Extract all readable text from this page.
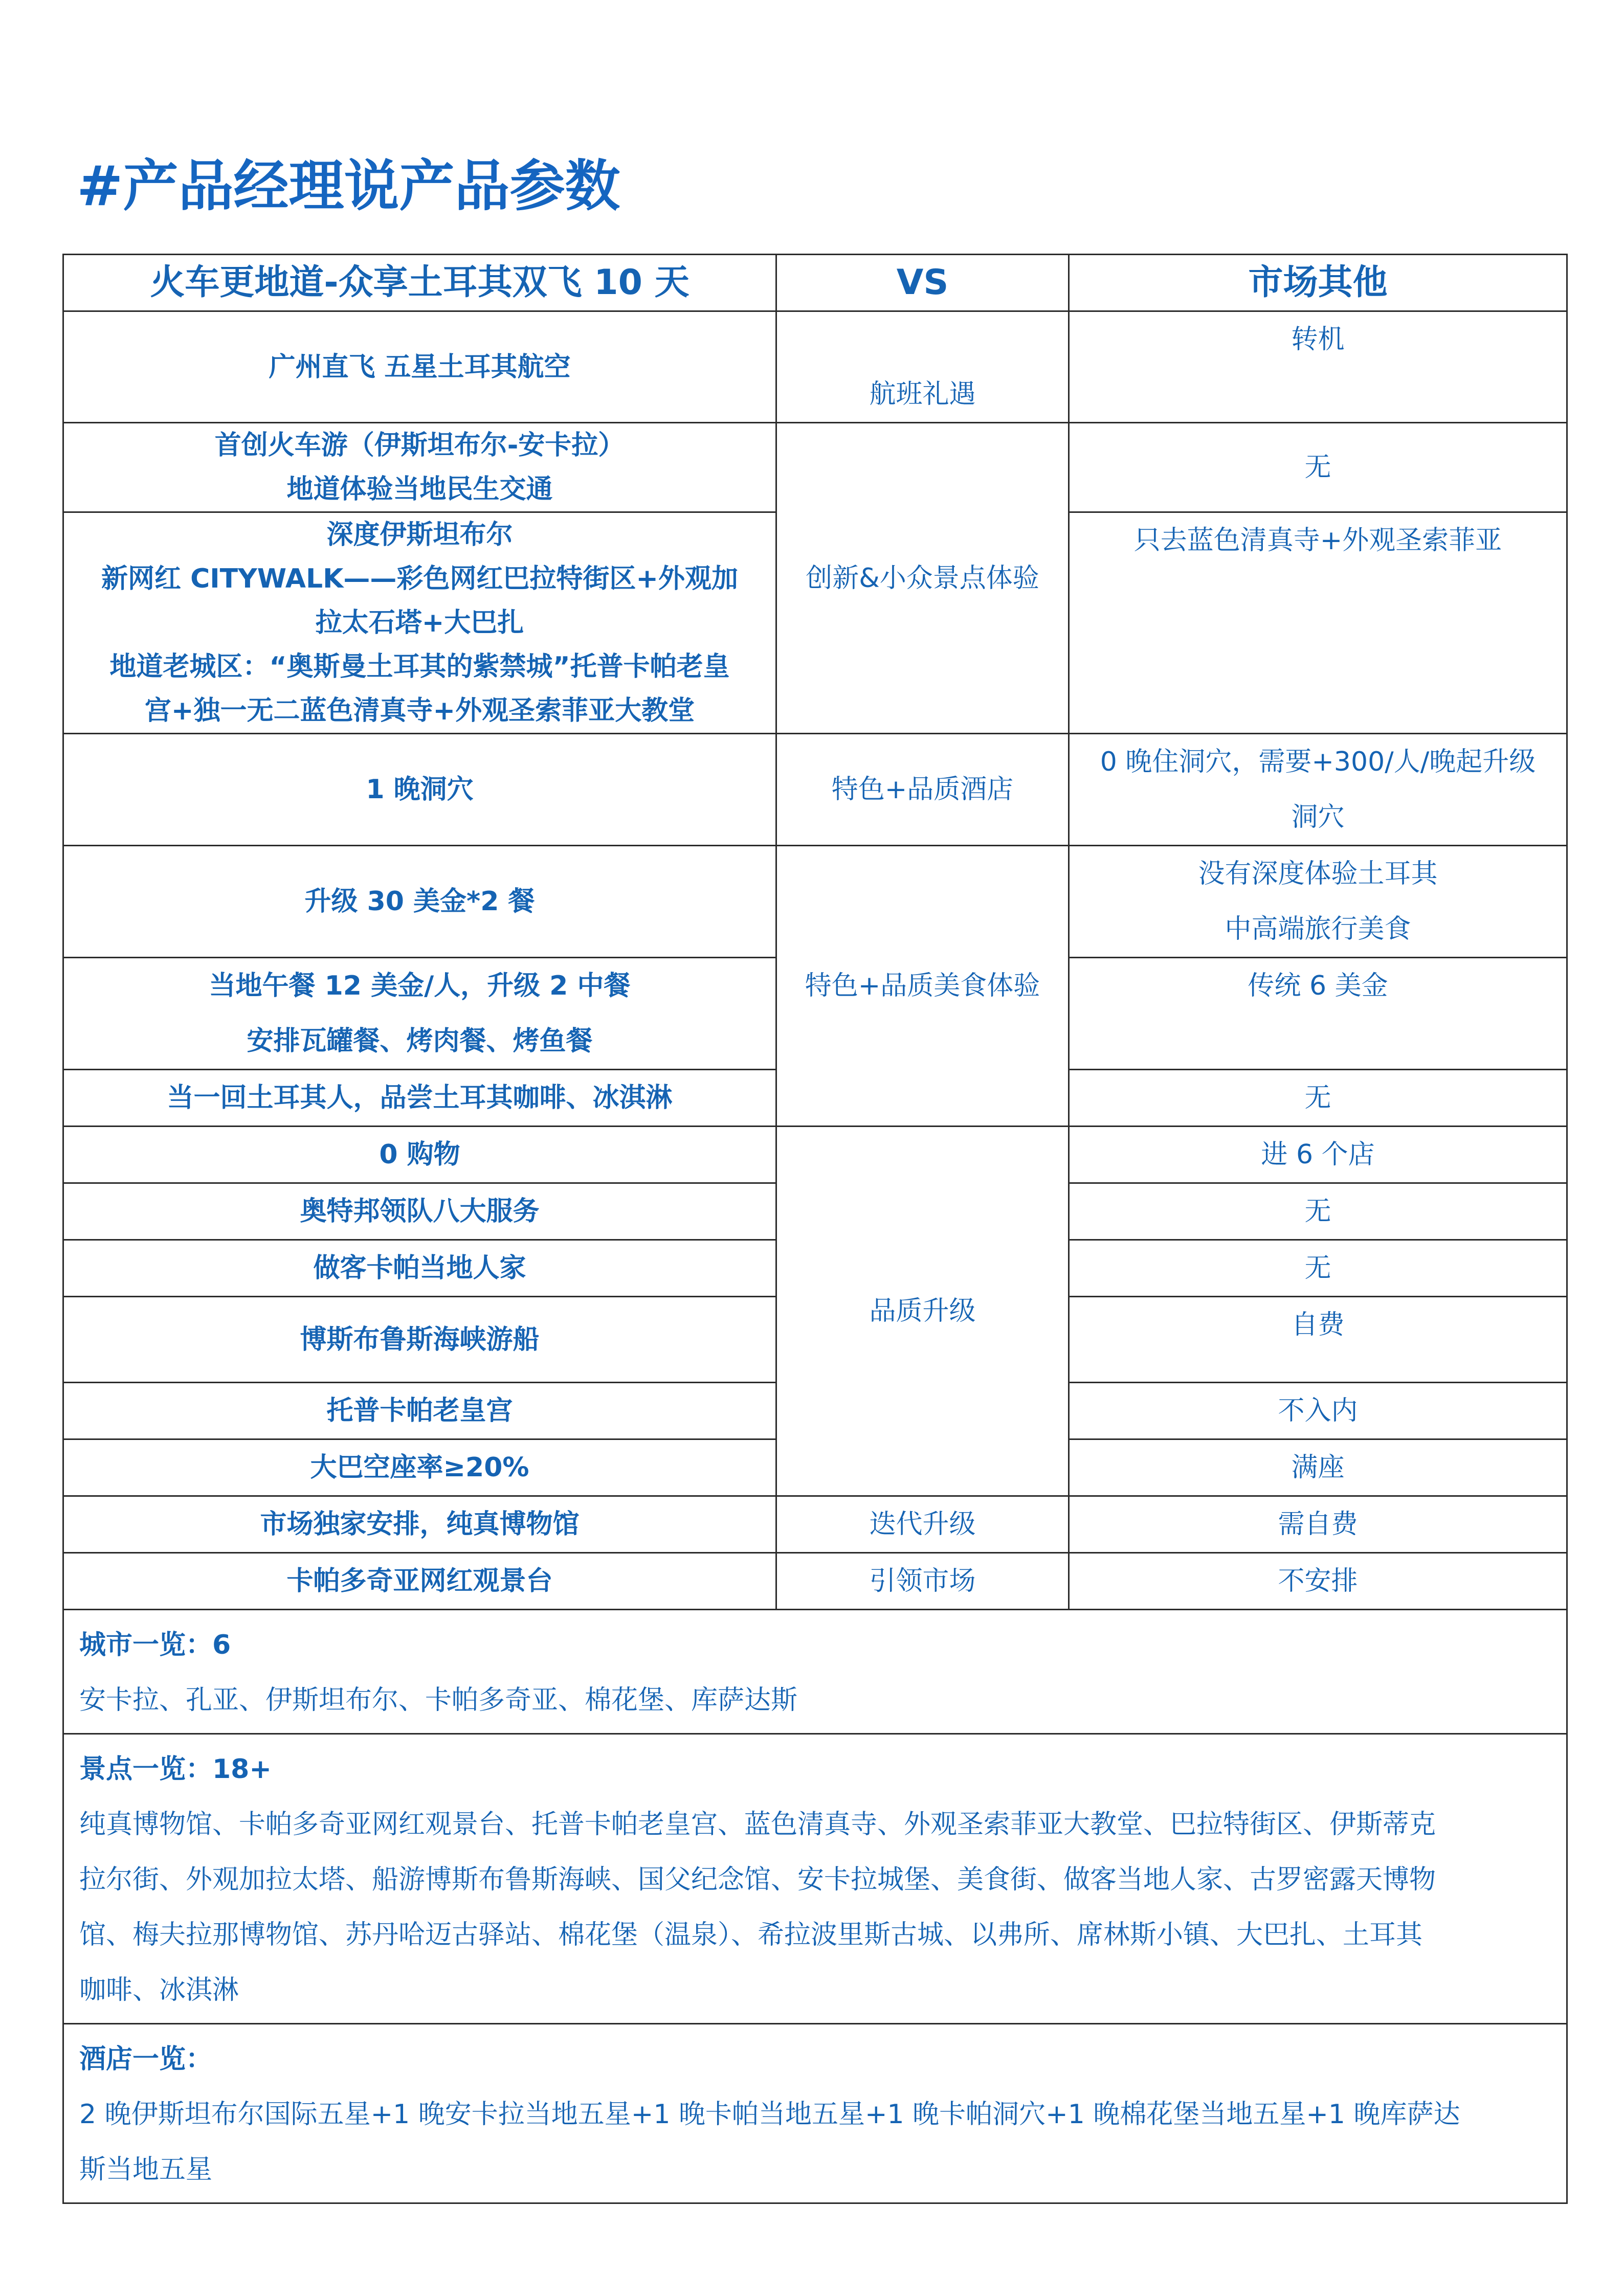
#产品经理说产品参数
火车更地道-众享土耳其双飞 10 天	VS	市场其他
广州直飞 五星土耳其航空	航班礼遇	转机

首创火车游（伊斯坦布尔-安卡拉）
地道体验当地民生交通	创新&小众景点体验	无

深度伊斯坦布尔
新网红 CITYWALK——彩色网红巴拉特街区+外观加
拉太石塔+大巴扎
地道老城区：“奥斯曼土耳其的紫禁城”托普卡帕老皇
宫+独一无二蓝色清真寺+外观圣索菲亚大教堂		只去蓝色清真寺+外观圣索菲亚
1 晚洞穴	特色+品质酒店	0 晚住洞穴，需要+300/人/晚起升级
洞穴

升级 30 美金*2 餐	特色+品质美食体验	没有深度体验土耳其
中高端旅行美食

当地午餐 12 美金/人，升级 2 中餐
安排瓦罐餐、烤肉餐、烤鱼餐		传统 6 美金
当一回土耳其人，品尝土耳其咖啡、冰淇淋		无
0 购物	品质升级	进 6 个店
奥特邦领队八大服务		无
做客卡帕当地人家		无
博斯布鲁斯海峡游船		自费
托普卡帕老皇宫		不入内
大巴空座率≥20%		满座
市场独家安排，纯真博物馆	迭代升级	需自费
卡帕多奇亚网红观景台	引领市场	不安排

城市一览：6
安卡拉、孔亚、伊斯坦布尔、卡帕多奇亚、棉花堡、库萨达斯		

景点一览：18+
纯真博物馆、卡帕多奇亚网红观景台、托普卡帕老皇宫、蓝色清真寺、外观圣索菲亚大教堂、巴拉特街区、伊斯蒂克
拉尔街、外观加拉太塔、船游博斯布鲁斯海峡、国父纪念馆、安卡拉城堡、美食街、做客当地人家、古罗密露天博物
馆、梅夫拉那博物馆、苏丹哈迈古驿站、棉花堡（温泉）、希拉波里斯古城、以弗所、席林斯小镇、大巴扎、土耳其
咖啡、冰淇淋		

酒店一览：
2 晚伊斯坦布尔国际五星+1 晚安卡拉当地五星+1 晚卡帕当地五星+1 晚卡帕洞穴+1 晚棉花堡当地五星+1 晚库萨达
斯当地五星		
